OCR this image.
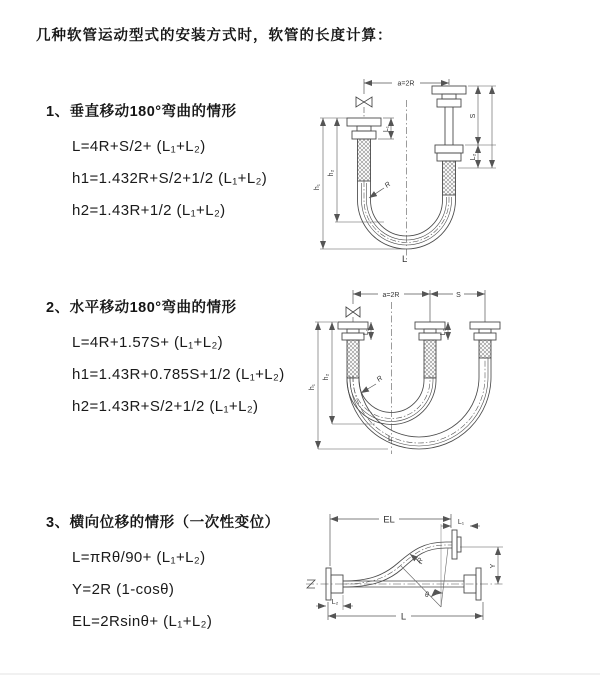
几种软管运动型式的安装方式时，软管的长度计算：
1、垂直移动180°弯曲的情形
L=4R+S/2+ (L₁+L₂)
h1=1.432R+S/2+1/2 (L₁+L₂)
h2=1.43R+1/2 (L₁+L₂)
2、水平移动180°弯曲的情形
L=4R+1.57S+ (L₁+L₂)
h1=1.43R+0.785S+1/2 (L₁+L₂)
h2=1.43R+S/2+1/2 (L₁+L₂)
3、横向位移的情形（一次性变位）
L=πRθ/90+ (L₁+L₂)
Y=2R (1-cosθ)
EL=2Rsinθ+ (L₁+L₂)
a=2R
R
L
h₁
h₂
L₁
S
L₂
a=2R	S
h₁
h₂
L₁	L₂
R
L
EL	L₁
θ
R
Y
L₂
L
